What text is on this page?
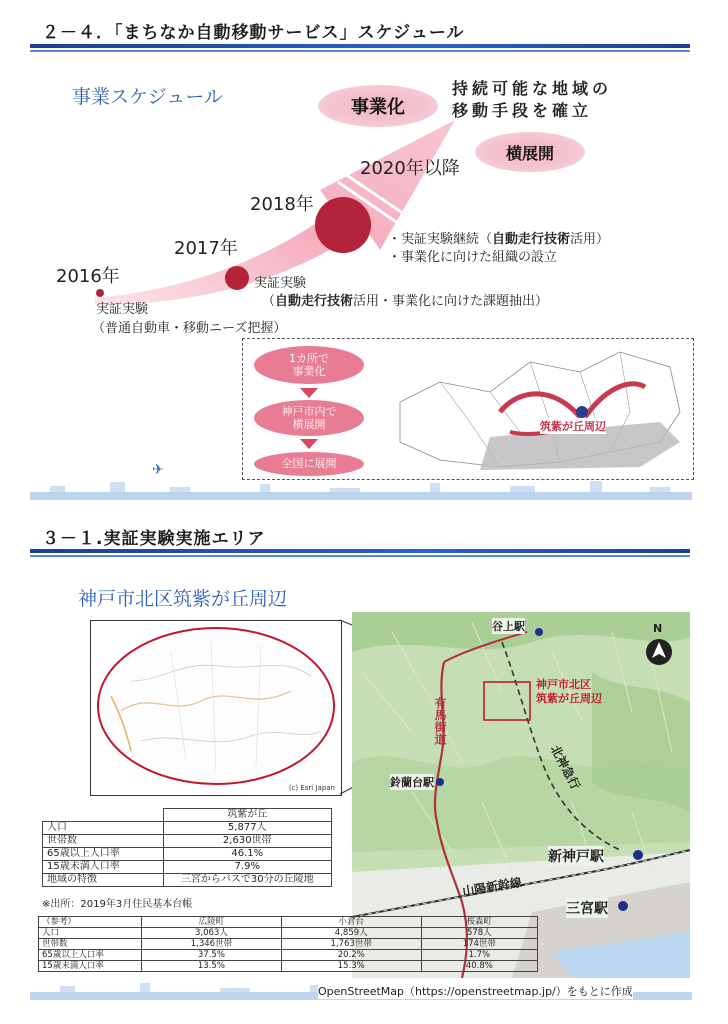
２－４．「まちなか自動移動サービス」スケジュール
事業スケジュール	事業化
横展開
持続可能な地域の
移動手段を確立
2020年以降
2018年
2017年
2016年
・実証実験継続（自動走行技術活用）
・事業化に向けた組織の設立
実証実験
（自動走行技術活用・事業化に向けた課題抽出）
実証実験
（普通自動車・移動ニーズ把握）
1カ所で
事業化
神戸市内で
横展開
全国に展開
筑紫が丘周辺
✈
３－１.実証実験実施エリア
神戸市北区筑紫が丘周辺
(c) Esri Japan
N
谷上駅
神戸市北区
筑紫が丘周辺
有馬街道
北神急行
鈴蘭台駅
新神戸駅
山陽新幹線
三宮駅
	筑紫が丘
人口	5,877人
世帯数	2,630世帯
65歳以上人口率	46.1%
15歳未満人口率	7.9%
地域の特徴	三宮からバスで30分の丘陵地
※出所：2019年3月住民基本台帳
（参考）	広陵町	小倉台	桜森町
人口	3,063人	4,859人	578人
世帯数	1,346世帯	1,763世帯	174世帯
65歳以上人口率	37.5%	20.2%	1.7%
15歳未満人口率	13.5%	15.3%	40.8%
OpenStreetMap（https://openstreetmap.jp/）をもとに作成
